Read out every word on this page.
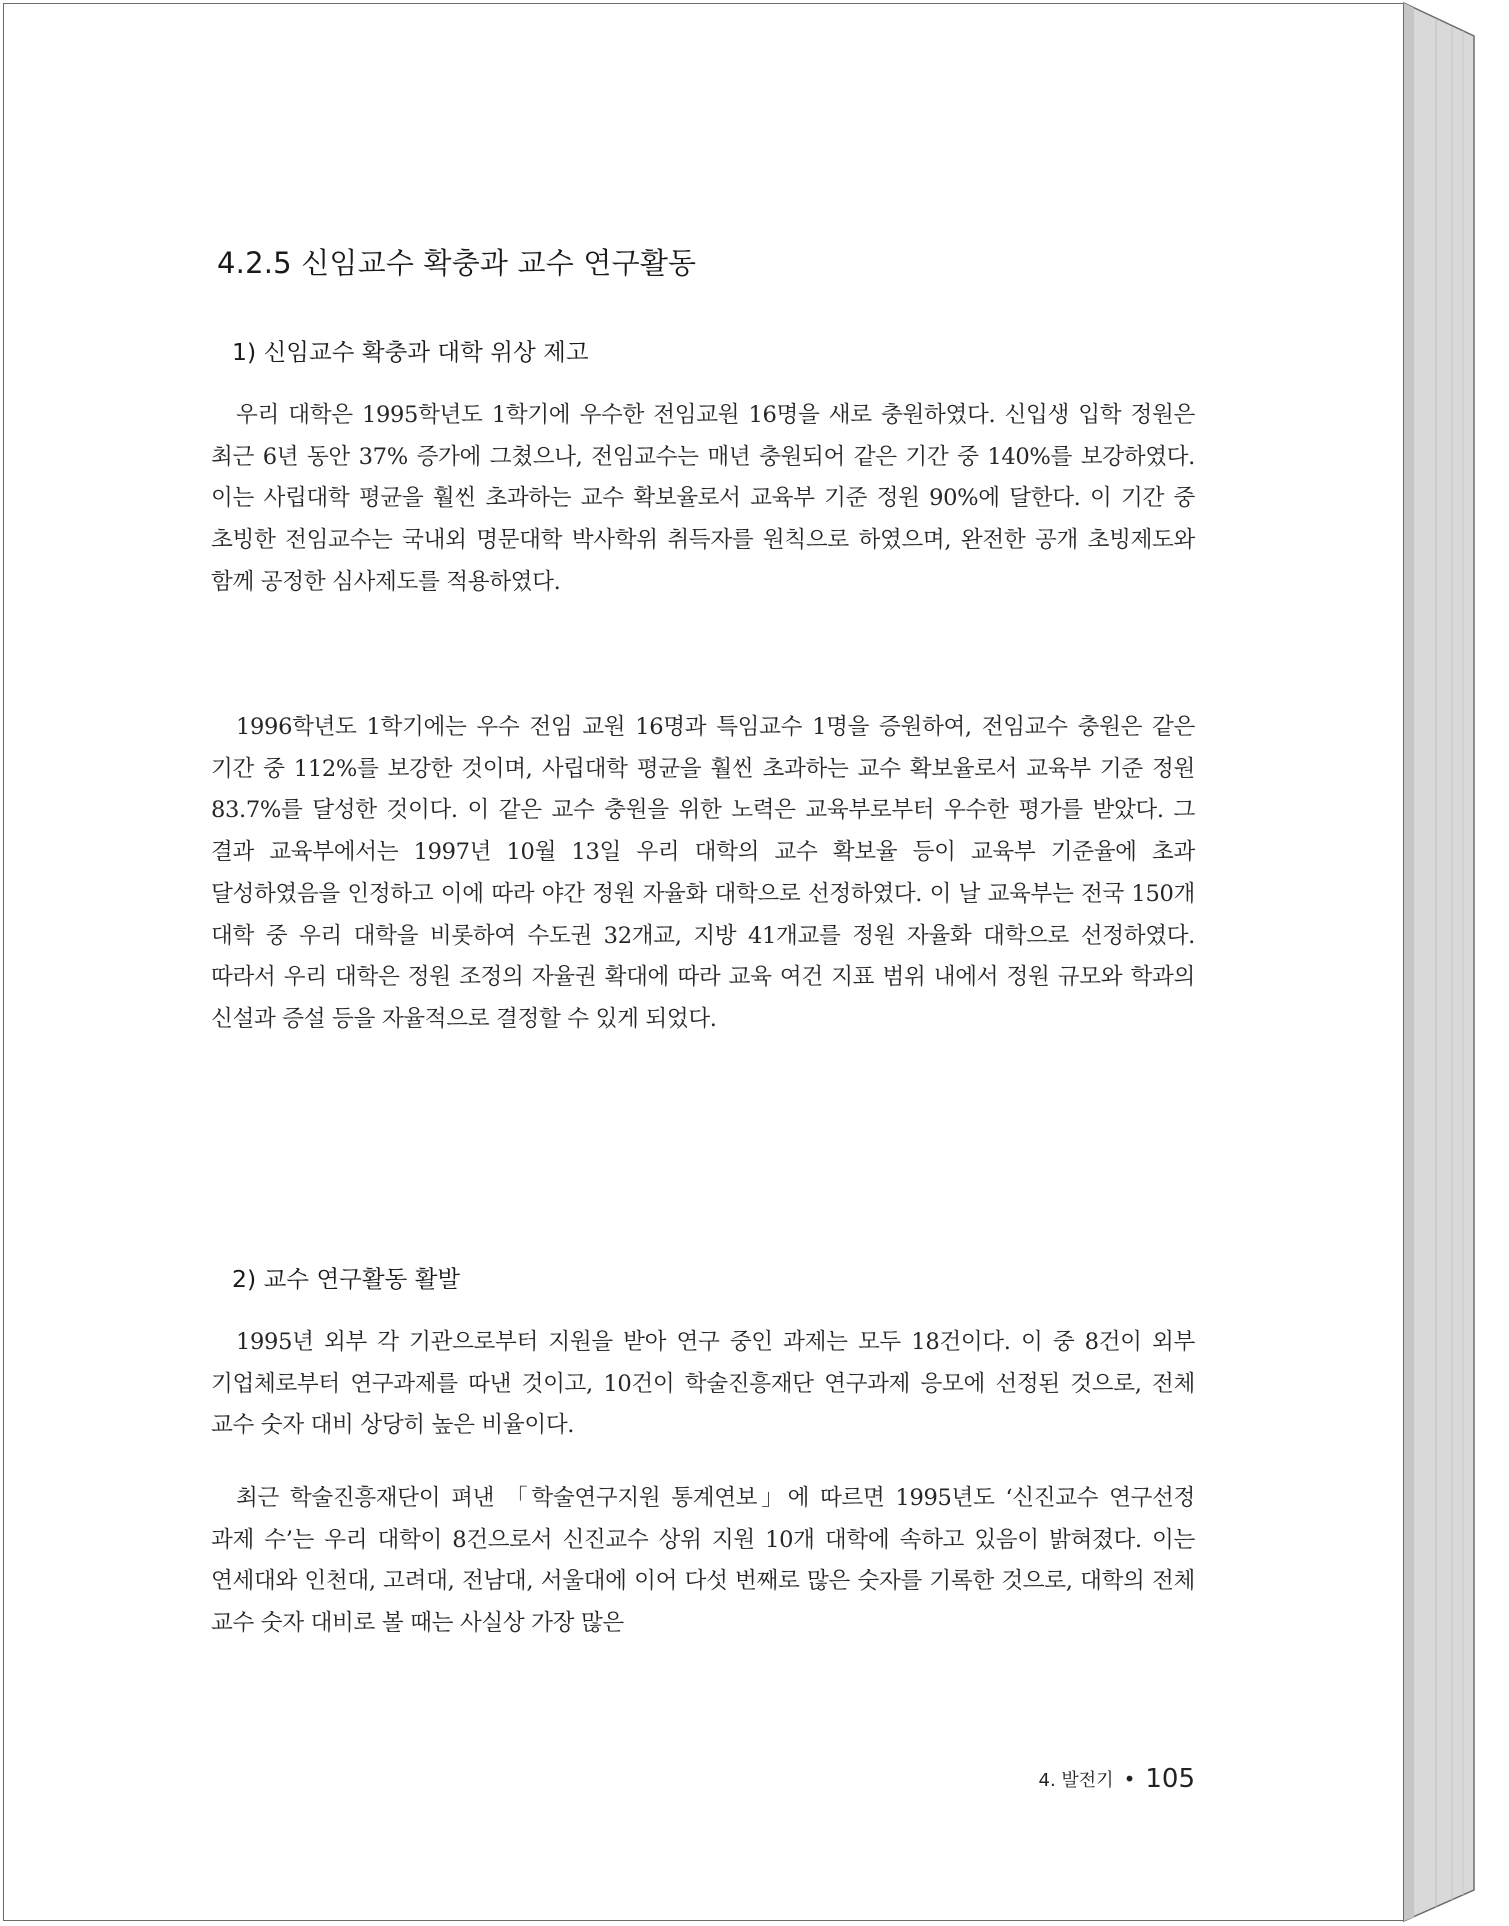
4.2.5 신임교수 확충과 교수 연구활동
1) 신임교수 확충과 대학 위상 제고

우리 대학은 1995학년도 1학기에 우수한 전임교원 16명을 새로 충원하였다. 신입생 입학 정원은 최근 6년 동안 37% 증가에 그쳤으나, 전임교수는 매년 충원되어 같은 기간 중 140%를 보강하였다. 이는 사립대학 평균을 훨씬 초과하는 교수 확보율로서 교육부 기준 정원 90%에 달한다. 이 기간 중 초빙한 전임교수는 국내외 명문대학 박사학위 취득자를 원칙으로 하였으며, 완전한 공개 초빙제도와 함께 공정한 심사제도를 적용하였다.

1996학년도 1학기에는 우수 전임 교원 16명과 특임교수 1명을 증원하여, 전임교수 충원은 같은 기간 중 112%를 보강한 것이며, 사립대학 평균을 훨씬 초과하는 교수 확보율로서 교육부 기준 정원 83.7%를 달성한 것이다. 이 같은 교수 충원을 위한 노력은 교육부로부터 우수한 평가를 받았다. 그 결과 교육부에서는 1997년 10월 13일 우리 대학의 교수 확보율 등이 교육부 기준율에 초과 달성하였음을 인정하고 이에 따라 야간 정원 자율화 대학으로 선정하였다. 이 날 교육부는 전국 150개 대학 중 우리 대학을 비롯하여 수도권 32개교, 지방 41개교를 정원 자율화 대학으로 선정하였다. 따라서 우리 대학은 정원 조정의 자율권 확대에 따라 교육 여건 지표 범위 내에서 정원 규모와 학과의 신설과 증설 등을 자율적으로 결정할 수 있게 되었다.

2) 교수 연구활동 활발

1995년 외부 각 기관으로부터 지원을 받아 연구 중인 과제는 모두 18건이다. 이 중 8건이 외부 기업체로부터 연구과제를 따낸 것이고, 10건이 학술진흥재단 연구과제 응모에 선정된 것으로, 전체 교수 숫자 대비 상당히 높은 비율이다.

최근 학술진흥재단이 펴낸 「학술연구지원 통계연보」에 따르면 1995년도 ‘신진교수 연구선정 과제 수’는 우리 대학이 8건으로서 신진교수 상위 지원 10개 대학에 속하고 있음이 밝혀졌다. 이는 연세대와 인천대, 고려대, 전남대, 서울대에 이어 다섯 번째로 많은 숫자를 기록한 것으로, 대학의 전체 교수 숫자 대비로 볼 때는 사실상 가장 많은

4. 발전기 • 105
